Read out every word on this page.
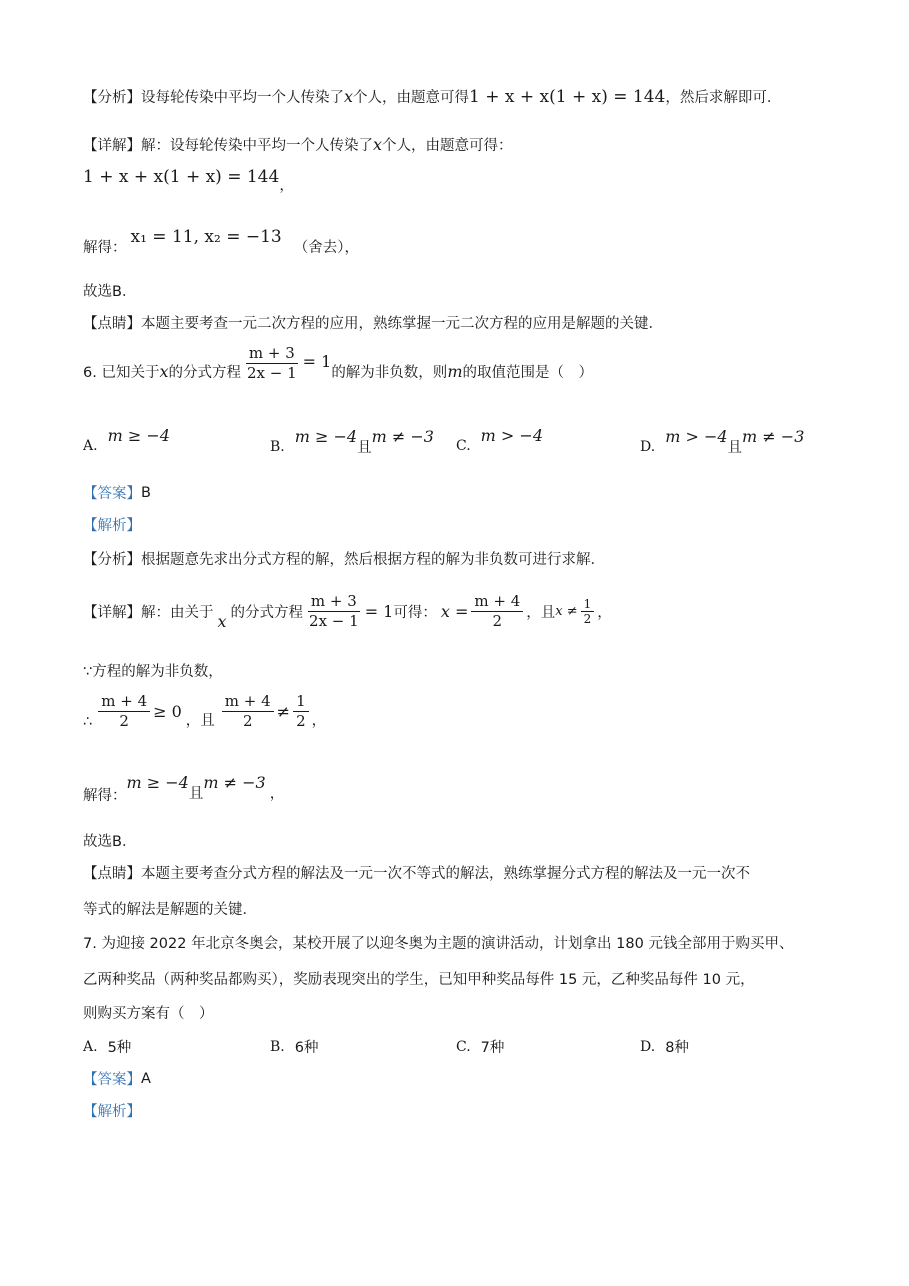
【分析】 设每轮传染中平均一个人传染了 x 个人，由题意可得 1 + x + x(1 + x) = 144 ，然后求解即可．
【详解】 解：设每轮传染中平均一个人传染了 x 个人，由题意可得：
1 + x + x(1 + x) = 144 ，
解得：
x₁ = 11, x₂ = −13
（舍去），
故选B．
【点睛】 本题主要考查一元二次方程的应用，熟练掌握一元二次方程的应用是解题的关键．
6. 已知关于 x 的分式方程 $\frac{m + 3}{2x - 1} = 1$
的解为非负数，则 m 的取值范围是（　）
A.
m ≥ −4
B.
m ≥ −4
且
m ≠ −3 C.
m > −4
D.
m > −4
且
m ≠ −3
【答案】 B
【解析】
【分析】 根据题意先求出分式方程的解，然后根据方程的解为非负数可进行求解．
【详解】 解：由关于 x 的分式方程 $\frac{m + 3}{2x - 1} = 1$ 可得： $x = \frac{m + 4}{2}$ ，且 $x \ne \frac{1}{2}$ ，
∵方程的解为非负数，
∴ $\frac{m + 4}{2} \ge 0$ ，且 $\frac{m + 4}{2} \ne \frac{1}{2}$ ，
解得：
m ≥ −4
且
m ≠ −3
，
故选B．
【点睛】 本题主要考查分式方程的解法及一元一次不等式的解法，熟练掌握分式方程的解法及一元一次不
等式的解法是解题的关键．
7. 为迎接 2022 年北京冬奥会，某校开展了以迎冬奥为主题的演讲活动，计划拿出 180 元钱全部用于购买甲、
乙两种奖品（两种奖品都购买），奖励表现突出的学生，已知甲种奖品每件 15 元，乙种奖品每件 10 元，
则购买方案有（　）
A. 5种	B. 6种	C. 7种	D. 8种
【答案】 A
【解析】
